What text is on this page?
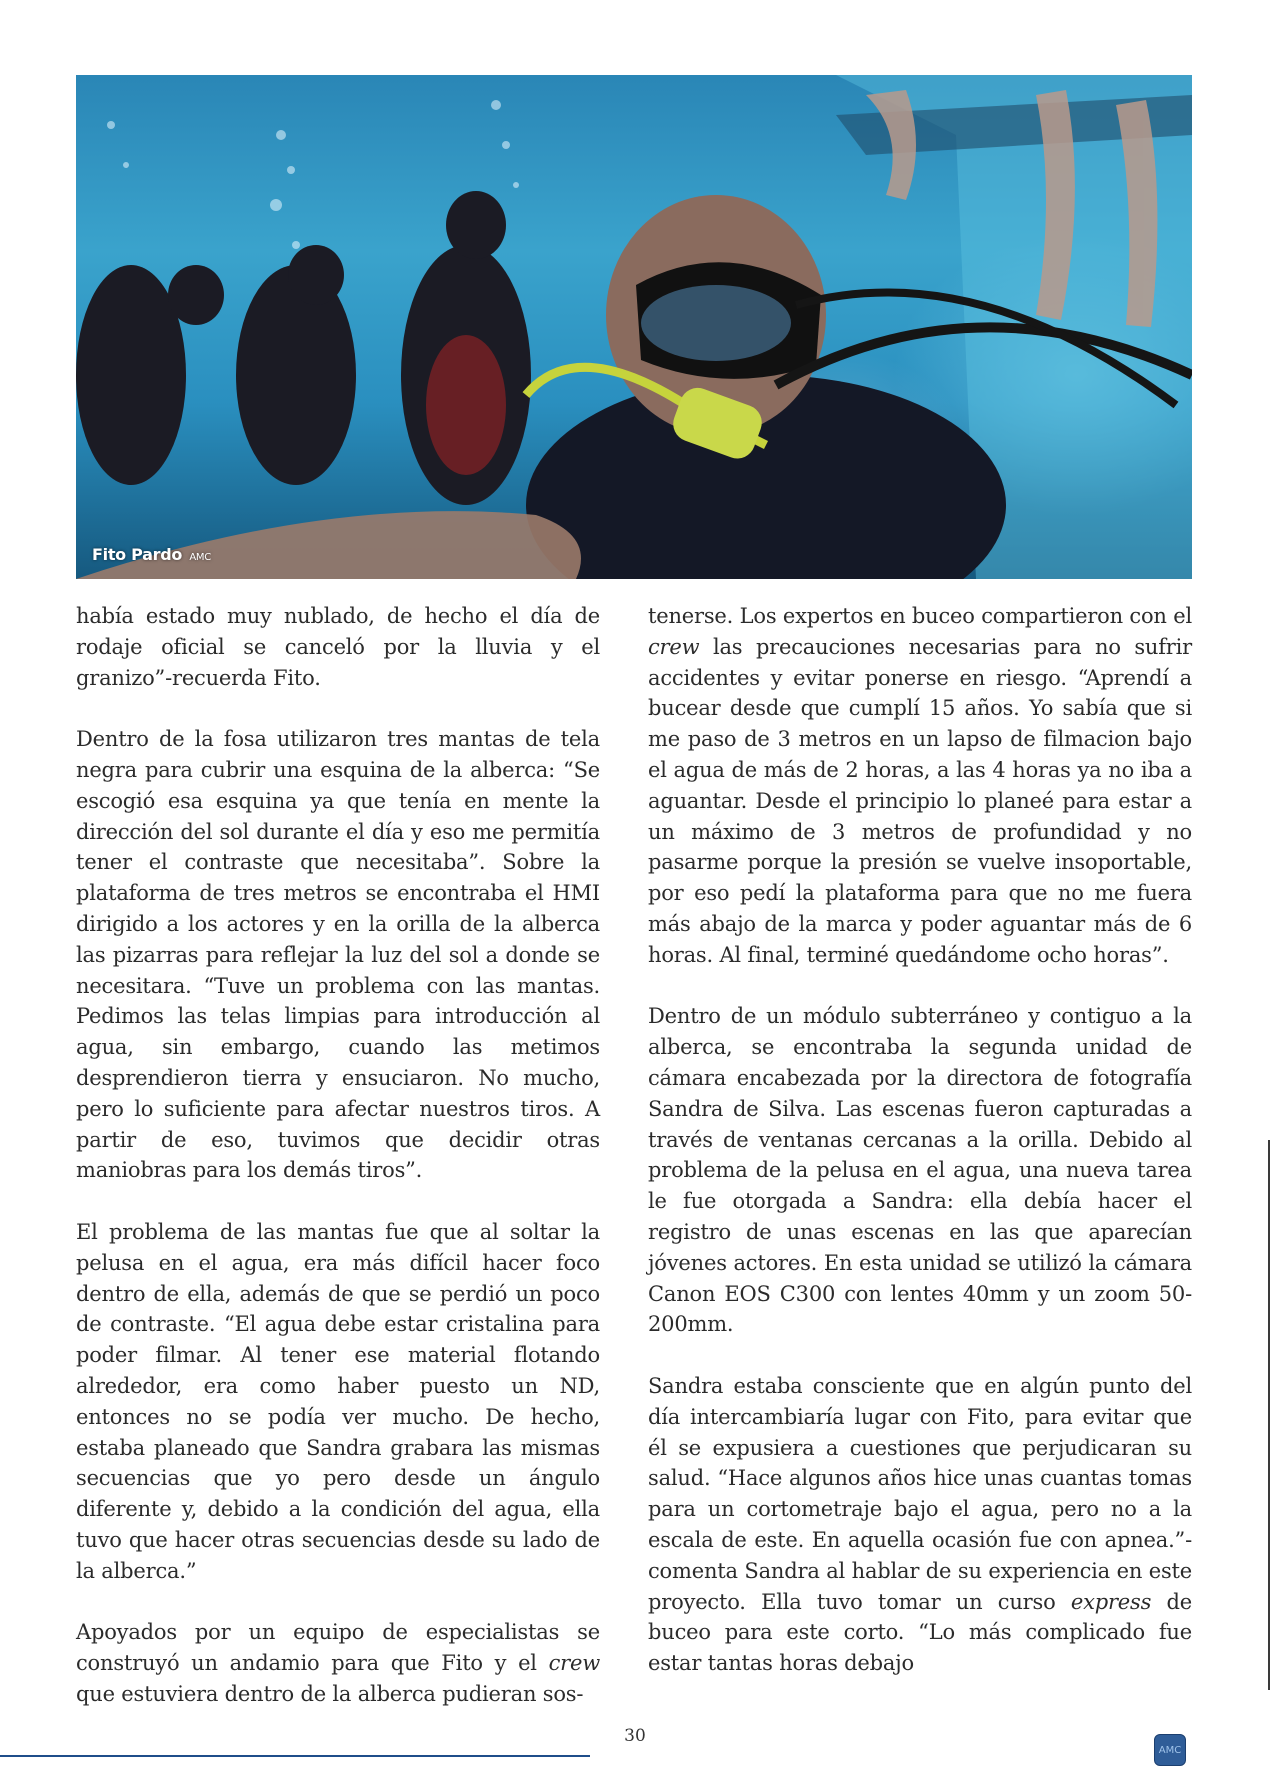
Fito Pardo AMC

había estado muy nublado, de hecho el día de rodaje oficial se canceló por la lluvia y el granizo”-recuerda Fito.

Dentro de la fosa utilizaron tres mantas de tela negra para cubrir una esquina de la alberca: “Se escogió esa esquina ya que tenía en mente la dirección del sol durante el día y eso me permitía tener el contraste que necesitaba”. Sobre la plataforma de tres metros se encontraba el HMI dirigido a los actores y en la orilla de la alberca las pizarras para reflejar la luz del sol a donde se necesitara. “Tuve un problema con las mantas. Pedimos las telas limpias para introducción al agua, sin embargo, cuando las metimos desprendieron tierra y ensuciaron. No mucho, pero lo suficiente para afectar nuestros tiros. A partir de eso, tuvimos que decidir otras maniobras para los demás tiros”.

El problema de las mantas fue que al soltar la pelusa en el agua, era más difícil hacer foco dentro de ella, además de que se perdió un poco de contraste. “El agua debe estar cristalina para poder filmar. Al tener ese material flotando alrededor, era como haber puesto un ND, entonces no se podía ver mucho. De hecho, estaba planeado que Sandra grabara las mismas secuencias que yo pero desde un ángulo diferente y, debido a la condición del agua, ella tuvo que hacer otras secuencias desde su lado de la alberca.”

Apoyados por un equipo de especialistas se construyó un andamio para que Fito y el crew que estuviera dentro de la alberca pudieran sos-

tenerse. Los expertos en buceo compartieron con el crew las precauciones necesarias para no sufrir accidentes y evitar ponerse en riesgo. “Aprendí a bucear desde que cumplí 15 años. Yo sabía que si me paso de 3 metros en un lapso de filmacion bajo el agua de más de 2 horas, a las 4 horas ya no iba a aguantar. Desde el principio lo planeé para estar a un máximo de 3 metros de profundidad y no pasarme porque la presión se vuelve insoportable, por eso pedí la plataforma para que no me fuera más abajo de la marca y poder aguantar más de 6 horas. Al final, terminé quedándome ocho horas”.

Dentro de un módulo subterráneo y contiguo a la alberca, se encontraba la segunda unidad de cámara encabezada por la directora de fotografía Sandra de Silva. Las escenas fueron capturadas a través de ventanas cercanas a la orilla. Debido al problema de la pelusa en el agua, una nueva tarea le fue otorgada a Sandra: ella debía hacer el registro de unas escenas en las que aparecían jóvenes actores. En esta unidad se utilizó la cámara Canon EOS C300 con lentes 40mm y un zoom 50-200mm.

Sandra estaba consciente que en algún punto del día intercambiaría lugar con Fito, para evitar que él se expusiera a cuestiones que perjudicaran su salud. “Hace algunos años hice unas cuantas tomas para un cortometraje bajo el agua, pero no a la escala de este. En aquella ocasión fue con apnea.”- comenta Sandra al hablar de su experiencia en este proyecto. Ella tuvo tomar un curso express de buceo para este corto. “Lo más complicado fue estar tantas horas debajo

30
AMC
